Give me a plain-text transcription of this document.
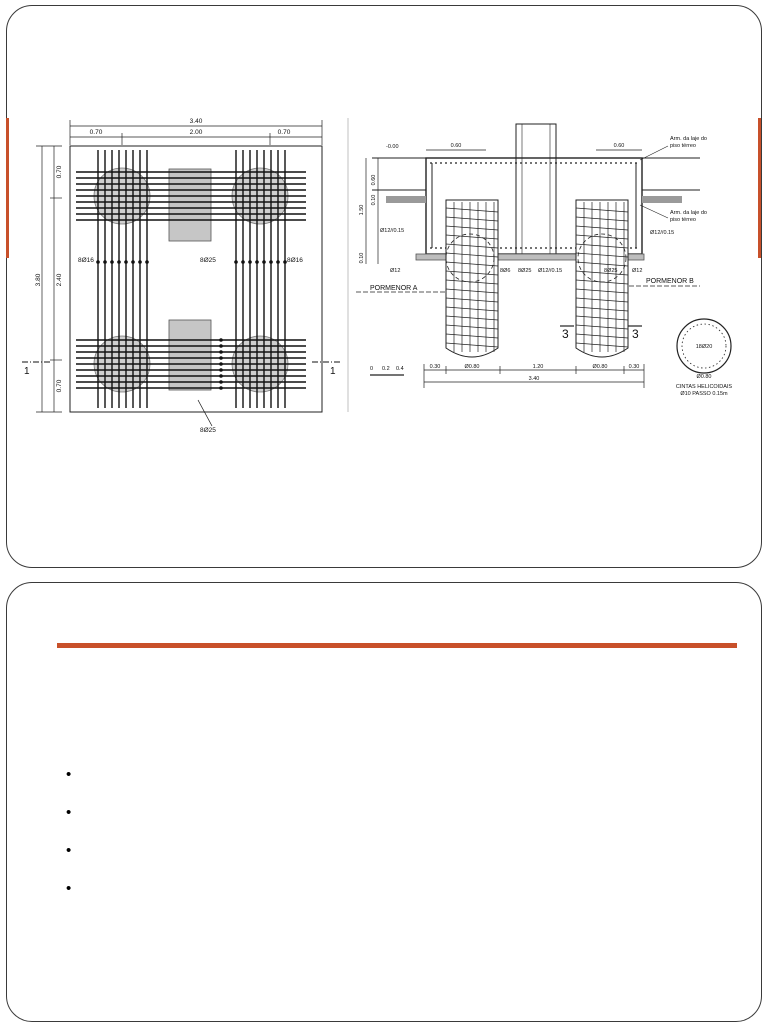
3.40
0.70	2.00	0.70
0.70
3.80 2.40
0.70
8Ø16	8Ø25	8Ø16
8Ø25
1	1
-0.00	0.60	0.60
Arm. da laje do
piso térreo
Arm. da laje do
piso térreo
0.60
0.10
1.50
0.10
Ø12//0.15	Ø12//0.15
Ø12	8Ø6 8Ø25 Ø12//0.15	8Ø25	Ø12
PORMENOR A
PORMENOR B
3	3
0.30	Ø0.80	1.20	Ø0.80	0.30
3.40
0 0.2 0.4
18Ø20
Ø0.80
CINTAS HELICOIDAIS
Ø10 PASSO 0.15m
•
•
•
•
